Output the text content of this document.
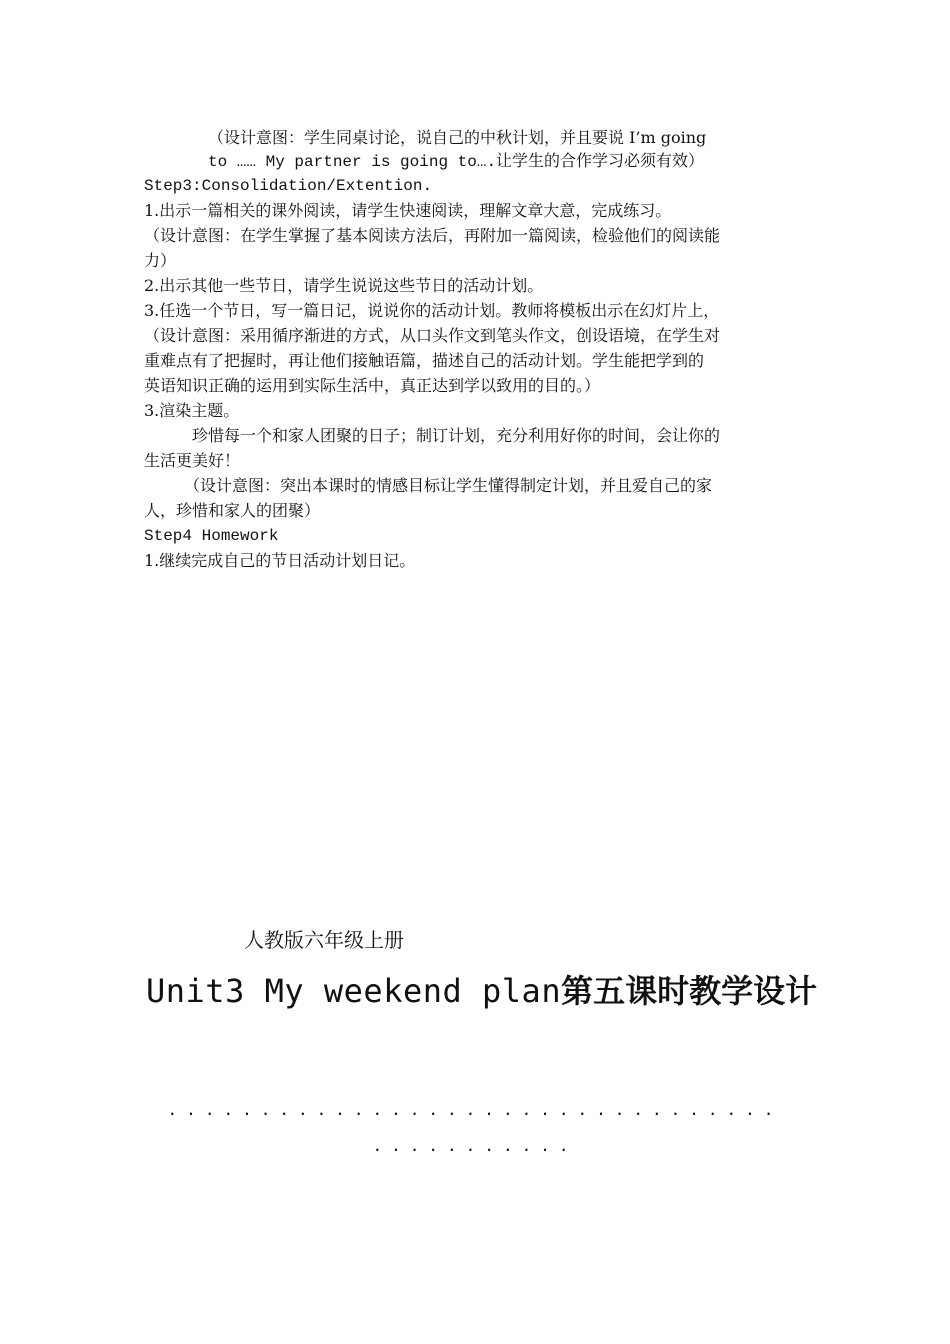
（设计意图：学生同桌讨论，说自己的中秋计划，并且要说 I’m going
to …… My partner is going to….让学生的合作学习必须有效）
Step3:Consolidation/Extention.
1.出示一篇相关的课外阅读，请学生快速阅读，理解文章大意，完成练习。
（设计意图：在学生掌握了基本阅读方法后，再附加一篇阅读，检验他们的阅读能
力）
2.出示其他一些节日，请学生说说这些节日的活动计划。
3.任选一个节日，写一篇日记，说说你的活动计划。教师将模板出示在幻灯片上，
（设计意图：采用循序渐进的方式，从口头作文到笔头作文，创设语境，在学生对
重难点有了把握时，再让他们接触语篇，描述自己的活动计划。学生能把学到的
英语知识正确的运用到实际生活中，真正达到学以致用的目的。）
3.渲染主题。
珍惜每一个和家人团聚的日子；制订计划，充分利用好你的时间，会让你的
生活更美好！
（设计意图：突出本课时的情感目标让学生懂得制定计划，并且爱自己的家
人，珍惜和家人的团聚）
Step4 Homework
1.继续完成自己的节日活动计划日记。
人教版六年级上册
Unit3 My weekend plan第五课时教学设计
.................................
...........
